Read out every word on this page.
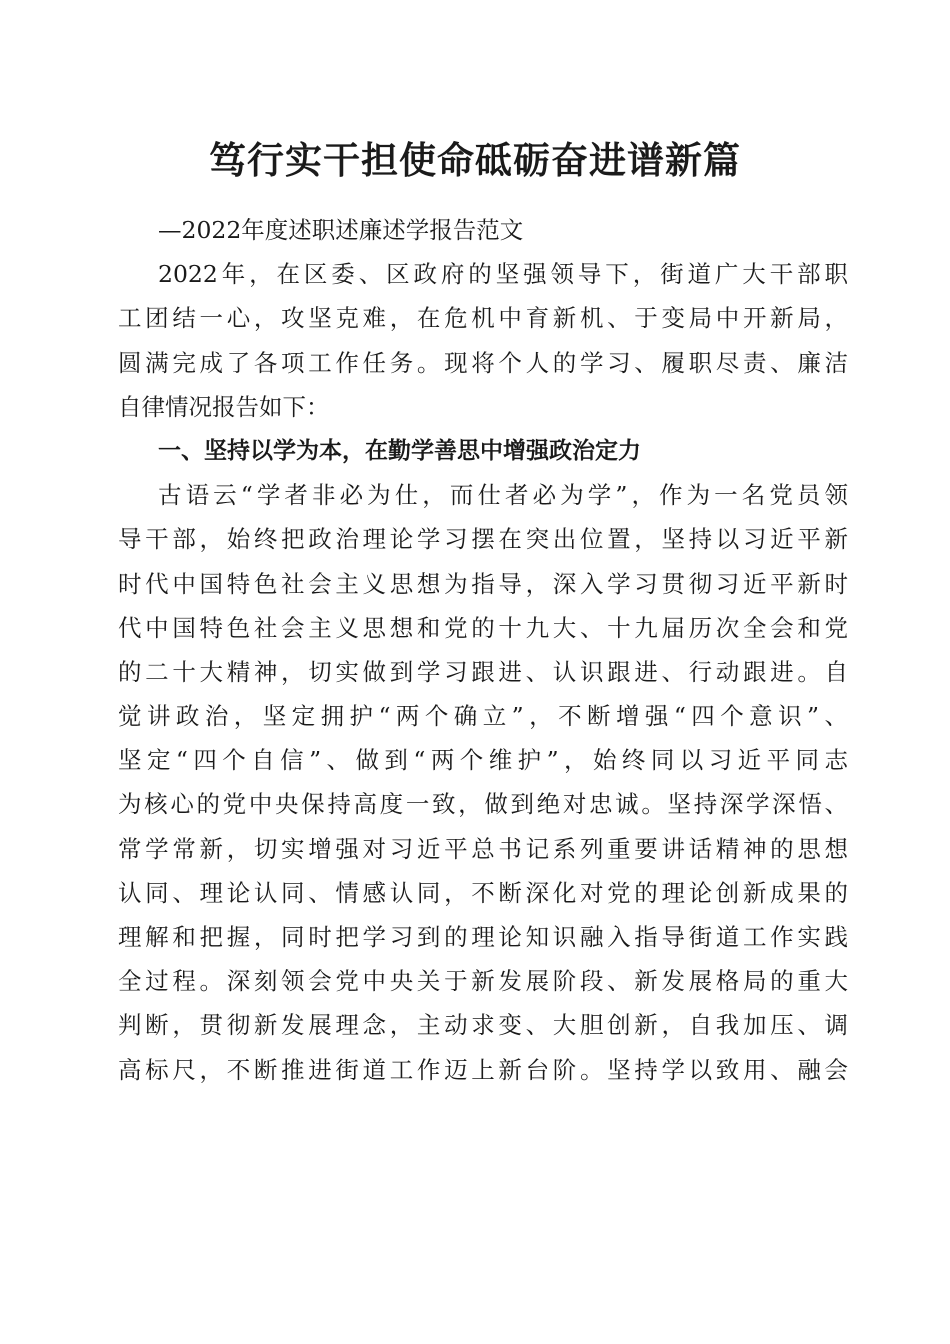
笃行实干担使命砥砺奋进谱新篇

—2022年度述职述廉述学报告范文

2022年，在区委、区政府的坚强领导下，街道广大干部职
工团结一心，攻坚克难，在危机中育新机、于变局中开新局，
圆满完成了各项工作任务。现将个人的学习、履职尽责、廉洁
自律情况报告如下：

一、坚持以学为本，在勤学善思中增强政治定力

古语云“学者非必为仕，而仕者必为学”，作为一名党员领
导干部，始终把政治理论学习摆在突出位置，坚持以习近平新
时代中国特色社会主义思想为指导，深入学习贯彻习近平新时
代中国特色社会主义思想和党的十九大、十九届历次全会和党
的二十大精神，切实做到学习跟进、认识跟进、行动跟进。自
觉讲政治，坚定拥护“两个确立”，不断增强“四个意识”、
坚定“四个自信”、做到“两个维护”，始终同以习近平同志
为核心的党中央保持高度一致，做到绝对忠诚。坚持深学深悟、
常学常新，切实增强对习近平总书记系列重要讲话精神的思想
认同、理论认同、情感认同，不断深化对党的理论创新成果的
理解和把握，同时把学习到的理论知识融入指导街道工作实践
全过程。深刻领会党中央关于新发展阶段、新发展格局的重大
判断，贯彻新发展理念，主动求变、大胆创新，自我加压、调
高标尺，不断推进街道工作迈上新台阶。坚持学以致用、融会
